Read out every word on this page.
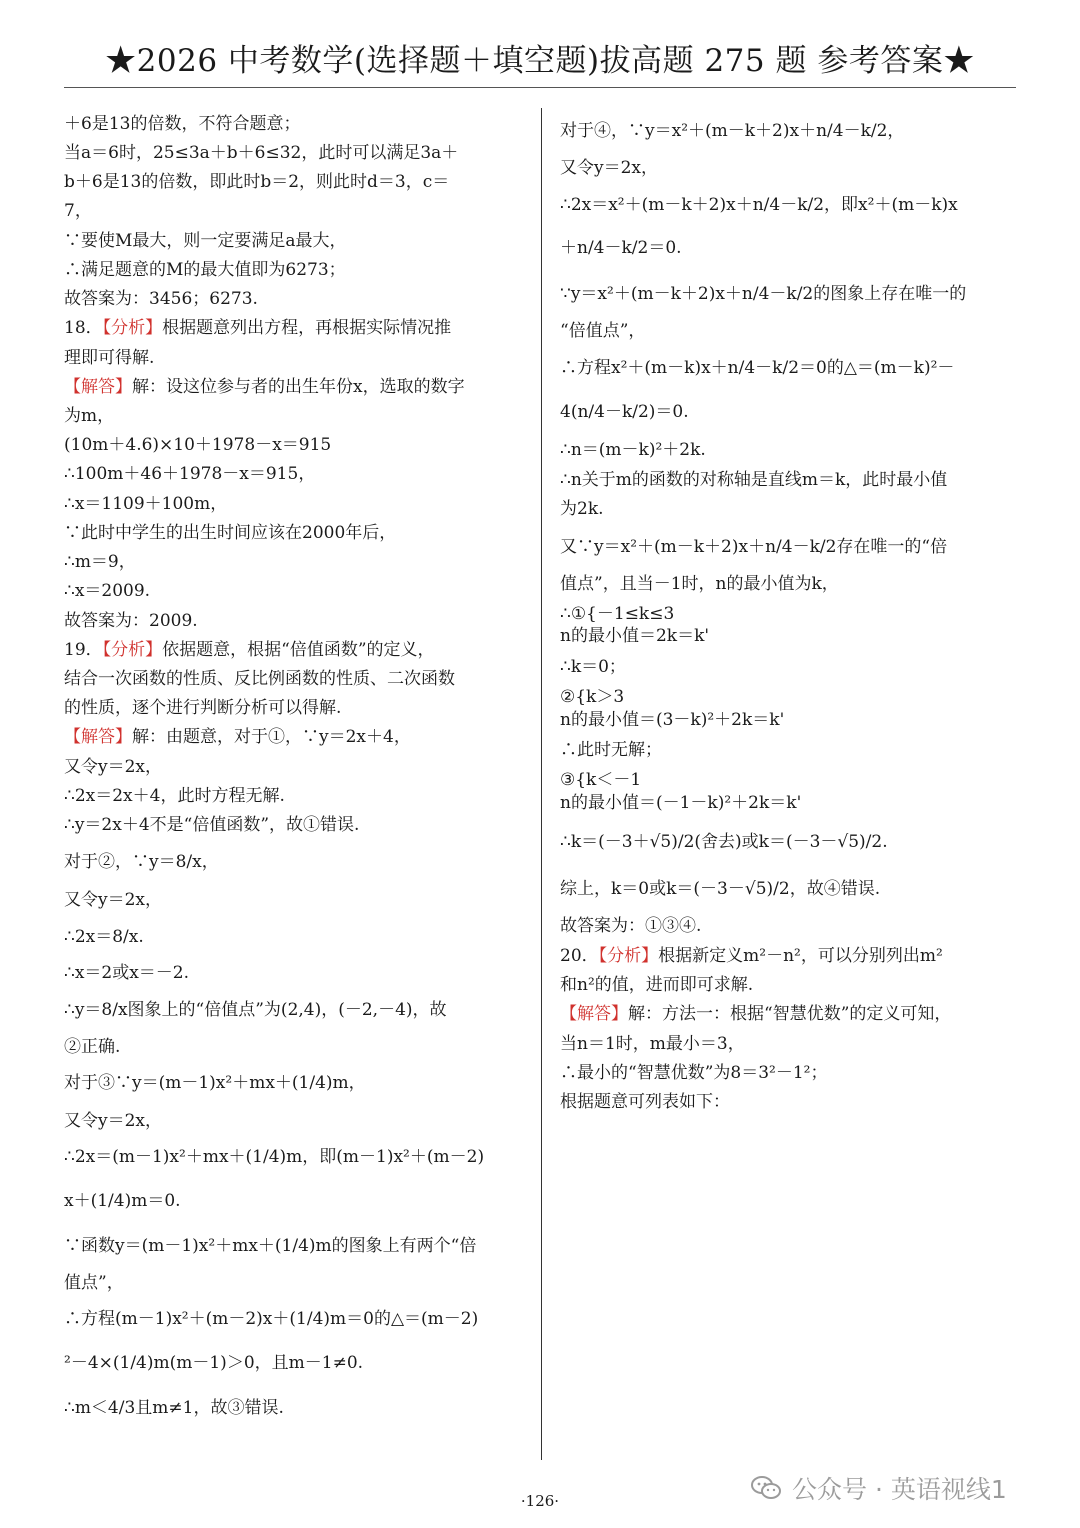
★2026 中考数学(选择题＋填空题)拔高题 275 题 参考答案★
＋6是13的倍数，不符合题意；
当a＝6时，25≤3a＋b＋6≤32，此时可以满足3a＋
b＋6是13的倍数，即此时b＝2，则此时d＝3，c＝
7，
∵要使M最大，则一定要满足a最大，
∴满足题意的M的最大值即为6273；
故答案为：3456；6273.
18．【分析】根据题意列出方程，再根据实际情况推
理即可得解.
【解答】解：设这位参与者的出生年份x，选取的数字
为m，
(10m＋4.6)×10＋1978－x＝915
∴100m＋46＋1978－x＝915，
∴x＝1109＋100m，
∵此时中学生的出生时间应该在2000年后，
∴m＝9，
∴x＝2009.
故答案为：2009.
19．【分析】依据题意，根据“倍值函数”的定义，
结合一次函数的性质、反比例函数的性质、二次函数
的性质，逐个进行判断分析可以得解.
【解答】解：由题意，对于①，∵y＝2x＋4，
又令y＝2x，
∴2x＝2x＋4，此时方程无解.
∴y＝2x＋4不是“倍值函数”，故①错误.
对于②，∵y＝8/x，
又令y＝2x，
∴2x＝8/x.
∴x＝2或x＝－2.
∴y＝8/x图象上的“倍值点”为(2,4)，(－2,－4)，故
②正确.
对于③∵y＝(m－1)x²＋mx＋(1/4)m，
又令y＝2x，
∴2x＝(m－1)x²＋mx＋(1/4)m，即(m－1)x²＋(m－2)
x＋(1/4)m＝0.
∵函数y＝(m－1)x²＋mx＋(1/4)m的图象上有两个“倍
值点”，
∴方程(m－1)x²＋(m－2)x＋(1/4)m＝0的△＝(m－2)
²－4×(1/4)m(m－1)＞0，且m－1≠0.
∴m＜4/3且m≠1，故③错误.
对于④，∵y＝x²＋(m－k＋2)x＋n/4－k/2，
又令y＝2x，
∴2x＝x²＋(m－k＋2)x＋n/4－k/2，即x²＋(m－k)x
＋n/4－k/2＝0.
∵y＝x²＋(m－k＋2)x＋n/4－k/2的图象上存在唯一的
“倍值点”，
∴方程x²＋(m－k)x＋n/4－k/2＝0的△＝(m－k)²－
4(n/4－k/2)＝0.
∴n＝(m－k)²＋2k.
∴n关于m的函数的对称轴是直线m＝k，此时最小值
为2k.
又∵y＝x²＋(m－k＋2)x＋n/4－k/2存在唯一的“倍
值点”，且当－1时，n的最小值为k，
∴①{－1≤k≤3
n的最小值＝2k＝k'
∴k＝0；
②{k＞3
n的最小值＝(3－k)²＋2k＝k'
∴此时无解；
③{k＜－1
n的最小值＝(－1－k)²＋2k＝k'
∴k＝(－3＋√5)/2(舍去)或k＝(－3－√5)/2.
综上，k＝0或k＝(－3－√5)/2，故④错误.
故答案为：①③④.
20．【分析】根据新定义m²－n²，可以分别列出m²
和n²的值，进而即可求解.
【解答】解：方法一：根据“智慧优数”的定义可知，
当n＝1时，m最小＝3，
∴最小的“智慧优数”为8＝3²－1²；
根据题意可列表如下：
·126·	公众号 · 英语视线1
